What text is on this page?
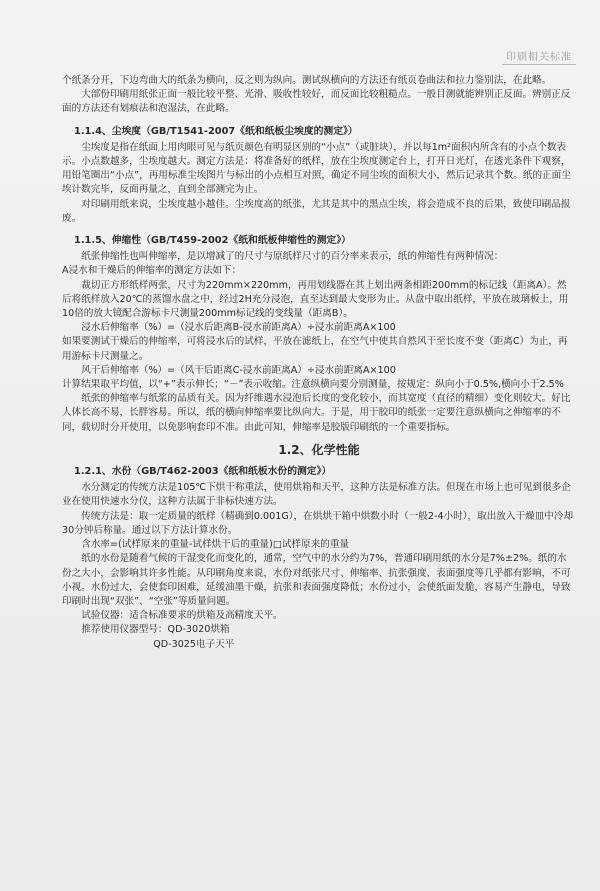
印刷相关标准

个纸条分开，下边弯曲大的纸条为横向，反之则为纵向。测试纵横向的方法还有纸页卷曲法和拉力鉴别法，在此略。

大部份印刷用纸张正面一般比较平整、光滑、吸收性较好，而反面比较粗糙点。一般目测就能辨别正反面。辨别正反面的方法还有划痕法和泡湿法，在此略。

1.1.4、尘埃度（GB/T1541-2007《纸和纸板尘埃度的测定》）

尘埃度是指在纸面上用肉眼可见与纸页颜色有明显区别的“小点”（或脏块），并以每1m²面积内所含有的小点个数表示。小点数越多，尘埃度越大。测定方法是：将准备好的纸样，放在尘埃度测定台上，打开日光灯，在透光条件下观察，用铅笔圈出“小点”，再用标准尘埃图片与标出的小点相互对照，确定不同尘埃的面积大小，然后记录其个数。纸的正面尘埃计数完毕，反面再量之，直到全部测完为止。

对印刷用纸来说，尘埃度越小越佳。尘埃度高的纸张，尤其是其中的黑点尘埃，将会造成不良的后果，致使印刷品报废。

1.1.5、伸缩性（GB/T459-2002《纸和纸板伸缩性的测定》）

纸张伸缩性也叫伸缩率，是以增减了的尺寸与原纸样尺寸的百分率来表示，纸的伸缩性有两种情况：

A浸水和干燥后的伸缩率的测定方法如下：

裁切正方形纸样两张，尺寸为220mm×220mm，再用划线器在其上划出两条相距200mm的标记线（距离A）。然后将纸样放入20℃的蒸馏水盘之中，经过2H充分浸泡，直至达到最大变形为止。从盘中取出纸样，平放在玻璃板上，用10倍的放大镜配合游标卡尺测量200mm标记线的变线量（距离B）。

浸水后伸缩率（%）=（浸水后距离B-浸水前距离A）÷浸水前距离A×100

如果要测试干燥后的伸缩率，可将浸水后的试样，平放在滤纸上，在空气中使其自然风干至长度不变（距离C）为止，再用游标卡尺测量之。

风干后伸缩率（%）=（风干后距离C-浸水前距离A）÷浸水前距离A×100

计算结果取平均值，以“+”表示伸长；“－”表示收缩。注意纵横向要分别测量，按规定：纵向小于0.5%,横向小于2.5%

纸张的伸缩率与纸浆的品质有关。因为纤维遇水浸泡后长度的变化较小，而其宽度（直径的精细）变化则较大。好比人体长高不易，长胖容易。所以，纸的横向伸缩率要比纵向大。于是，用于胶印的纸张一定要注意纵横向之伸缩率的不同，载切时分开使用，以免影响套印不准。由此可知，伸缩率是胶版印刷纸的一个重要指标。

1.2、化学性能

1.2.1、水份（GB/T462-2003《纸和纸板水份的测定》）

水分测定的传统方法是105℃下烘干称重法，使用烘箱和天平，这种方法是标准方法。但现在市场上也可见到很多企业在使用快速水分仪，这种方法属于非标快速方法。

传统方法是：取一定质量的纸样（精确到0.001G），在烘烘干箱中烘数小时（一般2-4小时），取出放入干燥皿中冷却30分钟后称量。通过以下方法计算水份。

含水率=(试样原来的重量-试样烘干后的重量)□试样原来的重量

纸的水份是随着气候的干湿变化而变化的，通常，空气中的水分约为7%，普通印刷用纸的水分是7%±2%。纸的水份之大小，会影响其许多性能。从印刷角度来说，水份对纸张尺寸、伸缩率、抗张强度、表面强度等几乎都有影响，不可小视。水份过大，会使套印困难，延缓油墨干燥，抗张和表面强度降低；水份过小，会使纸面发脆，容易产生静电，导致印刷时出现“双张”、“空张”等质量问题。

试验仪器：适合标准要求的烘箱及高精度天平。

推荐使用仪器型号：QD-3020烘箱

QD-3025电子天平
